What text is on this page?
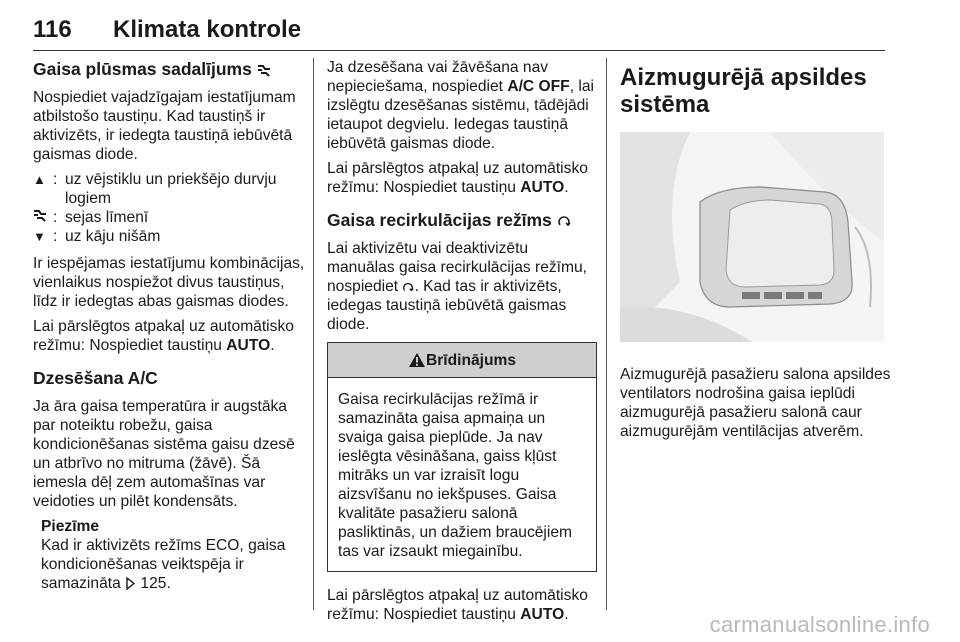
116 Klimata kontrole
Gaisa plūsmas sadalījums

Nospiediet vajadzīgajam iestatījumam atbilstošo taustiņu. Kad taustiņš ir aktivizēts, ir iedegta taustiņā iebūvētā gaismas diode.

▲ : uz vējstiklu un priekšējo durvju logiem
: sejas līmenī
▼ : uz kāju nišām

Ir iespējamas iestatījumu kombinācijas, vienlaikus nospiežot divus taustiņus, līdz ir iedegtas abas gaismas diodes.

Lai pārslēgtos atpakaļ uz automātisko režīmu: Nospiediet taustiņu AUTO.

Dzesēšana A/C

Ja āra gaisa temperatūra ir augstāka par noteiktu robežu, gaisa kondicionēšanas sistēma gaisu dzesē un atbrīvo no mitruma (žāvē). Šā iemesla dēļ zem automašīnas var veidoties un pilēt kondensāts.

Piezīme
Kad ir aktivizēts režīms ECO, gaisa kondicionēšanas veiktspēja ir samazināta  125.

Ja dzesēšana vai žāvēšana nav nepieciešama, nospiediet A/C OFF, lai izslēgtu dzesēšanas sistēmu, tādējādi ietaupot degvielu. Iedegas taustiņā iebūvētā gaismas diode.

Lai pārslēgtos atpakaļ uz automātisko režīmu: Nospiediet taustiņu AUTO.

Gaisa recirkulācijas režīms

Lai aktivizētu vai deaktivizētu manuālas gaisa recirkulācijas režīmu, nospiediet . Kad tas ir aktivizēts, iedegas taustiņā iebūvētā gaismas diode.

Brīdinājums
Gaisa recirkulācijas režīmā ir samazināta gaisa apmaiņa un svaiga gaisa pieplūde. Ja nav ieslēgta vēsināšana, gaiss kļūst mitrāks un var izraisīt logu aizsvīšanu no iekšpuses. Gaisa kvalitāte pasažieru salonā pasliktinās, un dažiem braucējiem tas var izsaukt miegainību.

Lai pārslēgtos atpakaļ uz automātisko režīmu: Nospiediet taustiņu AUTO.

Aizmugurējā apsildes sistēma

Aizmugurējā pasažieru salona apsildes ventilators nodrošina gaisa ieplūdi aizmugurējā pasažieru salonā caur aizmugurējām ventilācijas atverēm.

carmanualsonline.info
